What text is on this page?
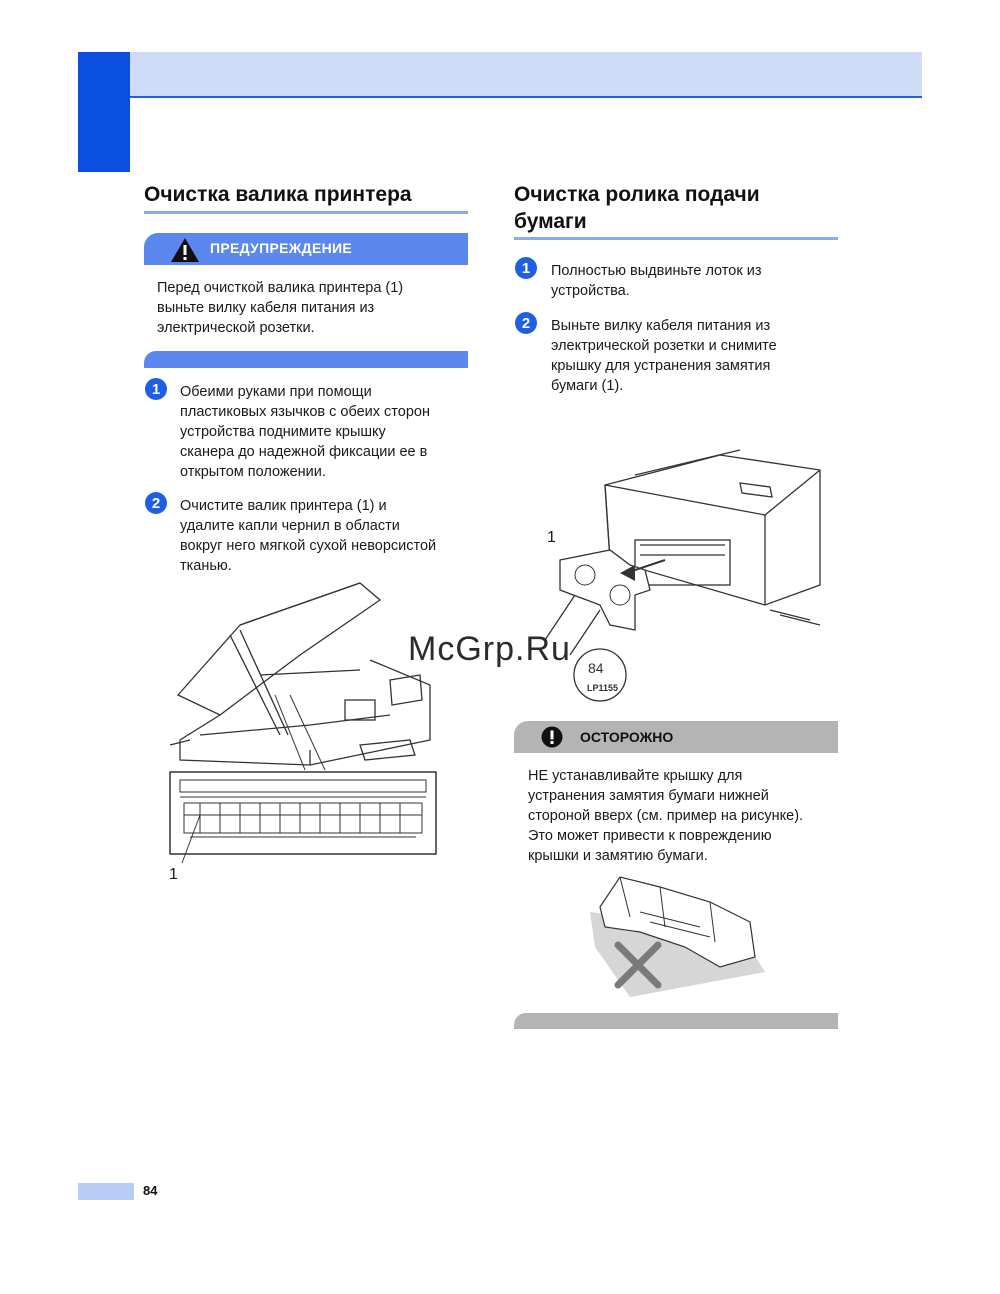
Очистка валика принтера
ПРЕДУПРЕЖДЕНИЕ
Перед очисткой валика принтера (1)
выньте вилку кабеля питания из
электрической розетки.
1	Обеими руками при помощи
пластиковых язычков с обеих сторон
устройства поднимите крышку
сканера до надежной фиксации ее в
открытом положении.
2	Очистите валик принтера (1) и
удалите капли чернил в области
вокруг него мягкой сухой неворсистой
тканью.
1
Очистка ролика подачи
бумаги
1	Полностью выдвиньте лоток из
устройства.
2	Выньте вилку кабеля питания из
электрической розетки и снимите
крышку для устранения замятия
бумаги (1).
84
1
LP1155
ОСТОРОЖНО
НЕ устанавливайте крышку для
устранения замятия бумаги нижней
стороной вверх (см. пример на рисунке).
Это может привести к повреждению
крышки и замятию бумаги.
McGrp.Ru
84
